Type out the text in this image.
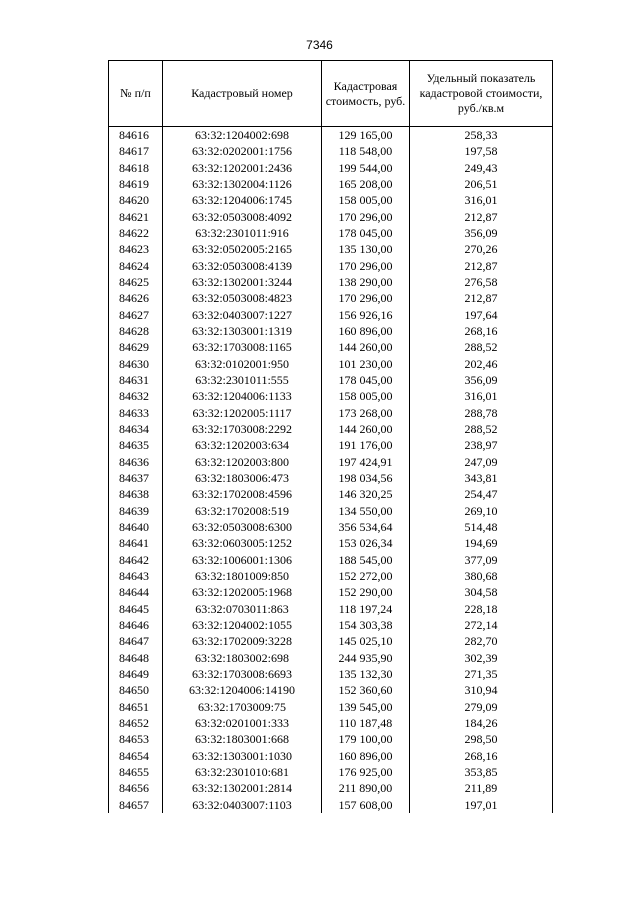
7346
№ п/п	Кадастровый номер	Кадастровая стоимость, руб.	Удельный показатель кадастровой стоимости, руб./кв.м
84616	63:32:1204002:698	129 165,00	258,33
84617	63:32:0202001:1756	118 548,00	197,58
84618	63:32:1202001:2436	199 544,00	249,43
84619	63:32:1302004:1126	165 208,00	206,51
84620	63:32:1204006:1745	158 005,00	316,01
84621	63:32:0503008:4092	170 296,00	212,87
84622	63:32:2301011:916	178 045,00	356,09
84623	63:32:0502005:2165	135 130,00	270,26
84624	63:32:0503008:4139	170 296,00	212,87
84625	63:32:1302001:3244	138 290,00	276,58
84626	63:32:0503008:4823	170 296,00	212,87
84627	63:32:0403007:1227	156 926,16	197,64
84628	63:32:1303001:1319	160 896,00	268,16
84629	63:32:1703008:1165	144 260,00	288,52
84630	63:32:0102001:950	101 230,00	202,46
84631	63:32:2301011:555	178 045,00	356,09
84632	63:32:1204006:1133	158 005,00	316,01
84633	63:32:1202005:1117	173 268,00	288,78
84634	63:32:1703008:2292	144 260,00	288,52
84635	63:32:1202003:634	191 176,00	238,97
84636	63:32:1202003:800	197 424,91	247,09
84637	63:32:1803006:473	198 034,56	343,81
84638	63:32:1702008:4596	146 320,25	254,47
84639	63:32:1702008:519	134 550,00	269,10
84640	63:32:0503008:6300	356 534,64	514,48
84641	63:32:0603005:1252	153 026,34	194,69
84642	63:32:1006001:1306	188 545,00	377,09
84643	63:32:1801009:850	152 272,00	380,68
84644	63:32:1202005:1968	152 290,00	304,58
84645	63:32:0703011:863	118 197,24	228,18
84646	63:32:1204002:1055	154 303,38	272,14
84647	63:32:1702009:3228	145 025,10	282,70
84648	63:32:1803002:698	244 935,90	302,39
84649	63:32:1703008:6693	135 132,30	271,35
84650	63:32:1204006:14190	152 360,60	310,94
84651	63:32:1703009:75	139 545,00	279,09
84652	63:32:0201001:333	110 187,48	184,26
84653	63:32:1803001:668	179 100,00	298,50
84654	63:32:1303001:1030	160 896,00	268,16
84655	63:32:2301010:681	176 925,00	353,85
84656	63:32:1302001:2814	211 890,00	211,89
84657	63:32:0403007:1103	157 608,00	197,01
